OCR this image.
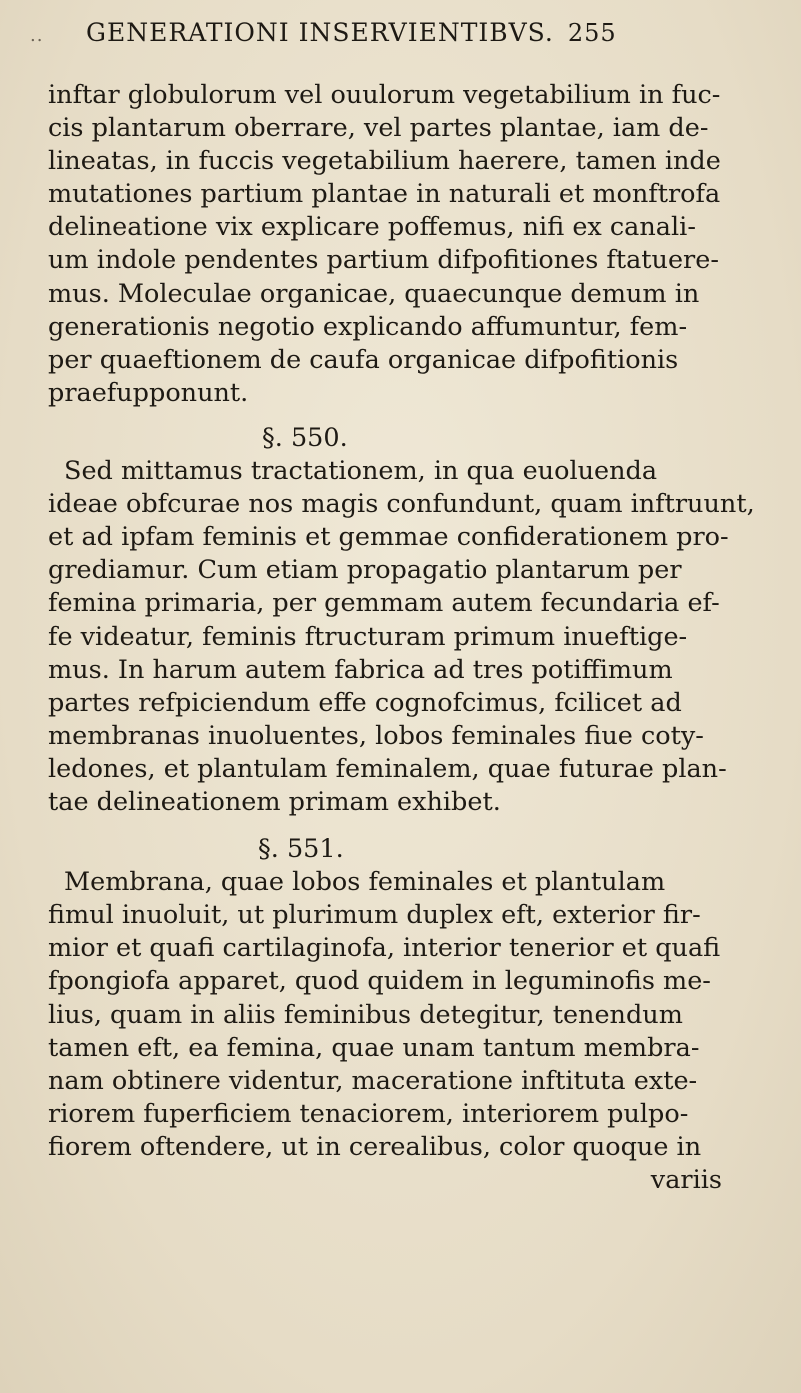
.. GENERATIONI INSERVIENTIBVS. 255
inftar globulorum vel ouulorum vegetabilium in fuc-
cis plantarum oberrare, vel partes plantae, iam de-
lineatas, in fuccis vegetabilium haerere, tamen inde
mutationes partium plantae in naturali et monftrofa
delineatione vix explicare poffemus, nifi ex canali-
um indole pendentes partium difpofitiones ftatuere-
mus. Moleculae organicae, quaecunque demum in
generationis negotio explicando affumuntur, fem-
per quaeftionem de caufa organicae difpofitionis
praefupponunt.
§. 550.
Sed mittamus tractationem, in qua euoluenda
ideae obfcurae nos magis confundunt, quam inftruunt,
et ad ipfam feminis et gemmae confiderationem pro-
grediamur. Cum etiam propagatio plantarum per
femina primaria, per gemmam autem fecundaria ef-
fe videatur, feminis ftructuram primum inueftige-
mus. In harum autem fabrica ad tres potiffimum
partes refpiciendum effe cognofcimus, fcilicet ad
membranas inuoluentes, lobos feminales fiue coty-
ledones, et plantulam feminalem, quae futurae plan-
tae delineationem primam exhibet.
§. 551.
Membrana, quae lobos feminales et plantulam
fimul inuoluit, ut plurimum duplex eft, exterior fir-
mior et quafi cartilaginofa, interior tenerior et quafi
fpongiofa apparet, quod quidem in leguminofis me-
lius, quam in aliis feminibus detegitur, tenendum
tamen eft, ea femina, quae unam tantum membra-
nam obtinere videntur, maceratione inftituta exte-
riorem fuperficiem tenaciorem, interiorem pulpo-
fiorem oftendere, ut in cerealibus, color quoque in
variis
